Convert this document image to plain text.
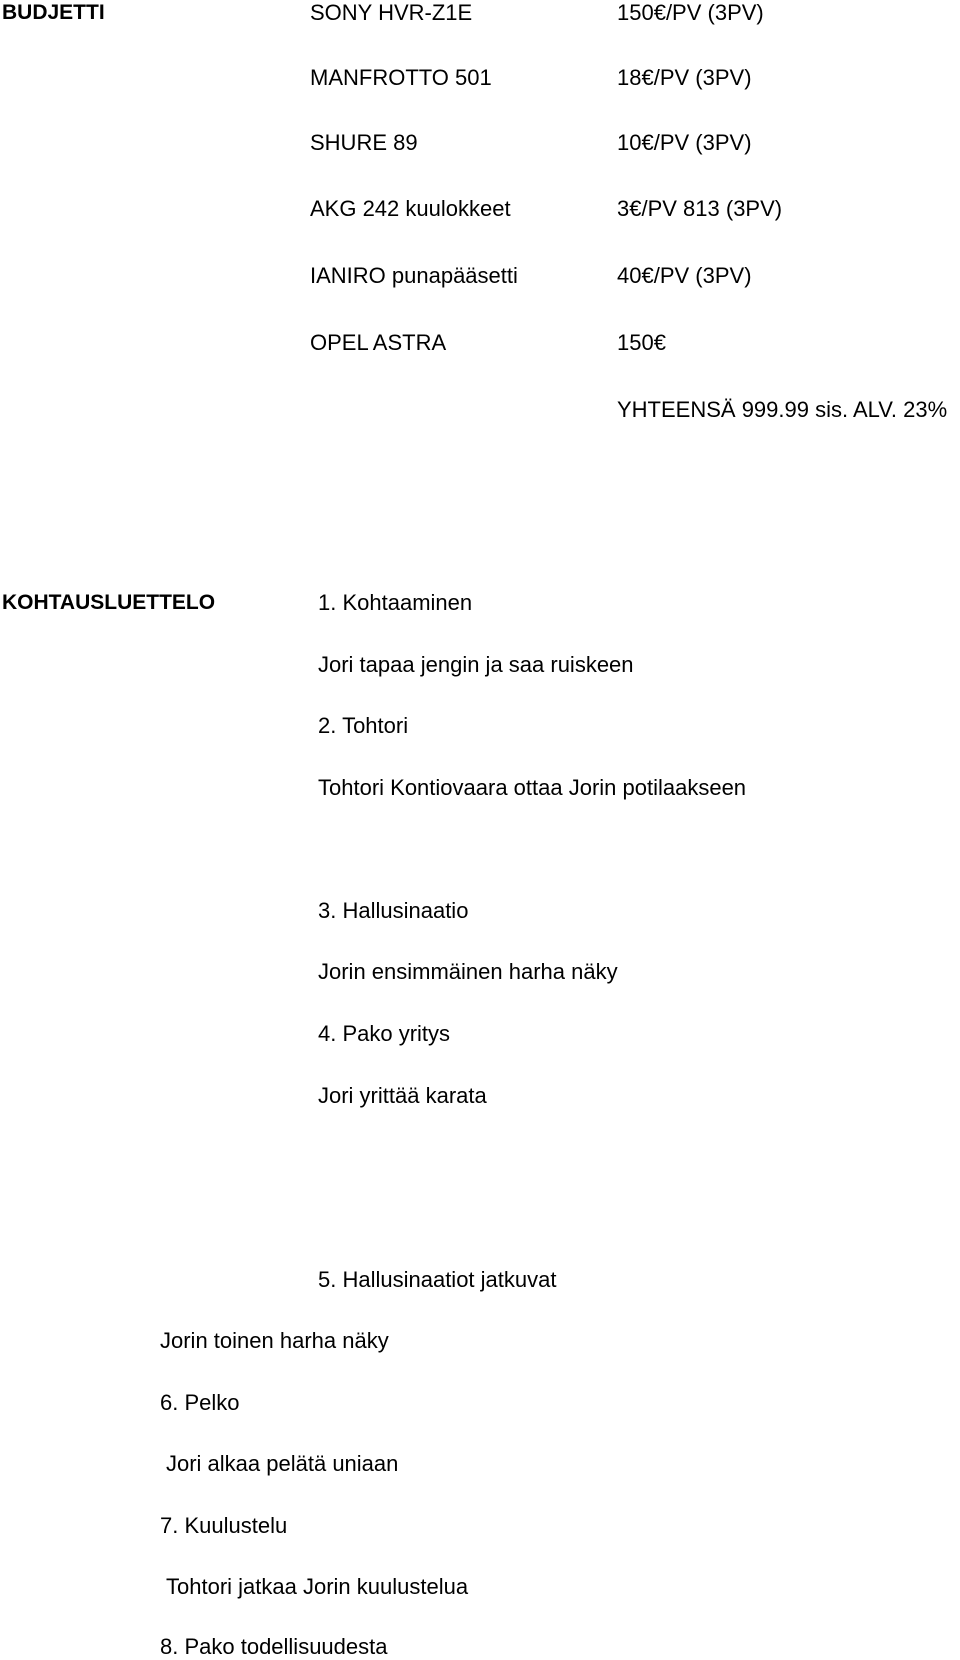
BUDJETTI	SONY HVR-Z1E	150€/PV (3PV)
MANFROTTO 501	18€/PV (3PV)
SHURE 89	10€/PV (3PV)
AKG 242 kuulokkeet	3€/PV 813 (3PV)
IANIRO punapääsetti	40€/PV (3PV)
OPEL ASTRA	150€
YHTEENSÄ 999.99 sis. ALV. 23%
KOHTAUSLUETTELO	1. Kohtaaminen
Jori tapaa jengin ja saa ruiskeen
2. Tohtori
Tohtori Kontiovaara ottaa Jorin potilaakseen
3. Hallusinaatio
Jorin ensimmäinen harha näky
4. Pako yritys
Jori yrittää karata
5. Hallusinaatiot jatkuvat
Jorin toinen harha näky
6. Pelko
Jori alkaa pelätä uniaan
7. Kuulustelu
Tohtori jatkaa Jorin kuulustelua
8. Pako todellisuudesta
